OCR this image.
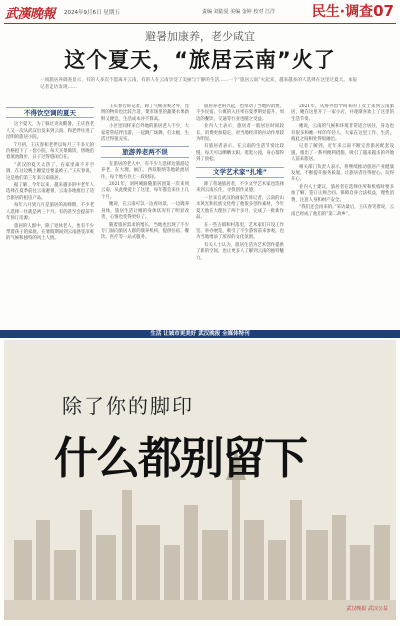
武漢晚報 2024年9月6日 星期五	责编 刘陆夏 美编 金婷 校对 江洋	民生·调查07
避暑加康养，老少咸宜
这个夏天，“旅居云南”火了
一项旅居养调查显示，有的人多次不愿离开云南，有的人在云南享受了美丽与宁静的生活……一个“旅居云南”火起来，越来越多的人选择在这里过夏天。本报记者走访发现……
不得饮空调的夏天

这个夏天，为了躲过炎炎酷暑，王庆春老人又一次从武汉出发来到云南，和老伴住进了昆明的旅居小院。

7月初，王庆春和老伴以每月三千多元的价格租下了一套小院，每天买菜做饭，傍晚沿着滇池散步，日子过得悠闲自在。

“武汉的夏天太热了，在家里离不开空调，在这边晚上睡觉还要盖被子。”王庆春说，这是他们第三年来云南旅居。

据了解，今年以来，越来越多的中老年人选择在夏季前往云南避暑，云南多地推出了适合旅居的租房产品。

每年六月到九月是旅居的高峰期，不少老人选择一住就是两三个月，有的甚至会提前半年预订房源。

旅居的人群中，除了退休老人，也有不少带着孩子的家庭，在暑假期间到云南感受凉爽的气候和独特的风土人情。

王庆春告诉记者，除了气候凉爽之外，昆明的物价也比较合适，菜市场里的蔬菜水果新鲜又便宜，生活成本并不算高。

小区里同样来自外地的旅居老人不少，大家常常结伴出游，一起跳广场舞、打太极，生活过得很充实。

旅游养老两不误

在旅居的老人中，有不少人选择边旅游边养老，在大理、丽江、西双版纳等地轮流居住，每个地方住上一段时间。

2021年，刘阿姨跟随旅居团第一次来到云南，从此便爱上了这里，每年都会来住上几个月。

她说，在云南可以一边看风景，一边调养身体，旅居生活让她的身体状况有了明显改善，心情也变得更好了。

随着旅居需求的增长，当地也出现了不少专门面向旅居人群的康养机构，提供住宿、餐饮、医疗等一站式服务。

旅居养老的兴起，也带动了当地的消费。不少民宿、公寓的入住率在夏季明显提升，周边的餐饮、交通等行业也随之受益。

业内人士表示，旅居者一般居住时间较长，消费更加稳定，对当地经济的拉动作用较为明显。

有旅居者表示，在云南的生活节奏比较慢，每天可以晒晒太阳、逛逛公园，身心都得到了放松。

文学艺术家“扎堆”

除了普通旅居者，不少文学艺术家也选择来到云南长住，寻找创作灵感。

一位来自武汉的画家告诉记者，云南的山水风光和民族文化给了他很多创作素材，今年夏天他在大理住了两个多月，完成了一批新作品。

在一些古镇和村落里，艺术家们开设工作室、举办展览，吸引了不少游客前来参观，也为当地增添了浓厚的文化氛围。

有关人士认为，旅居生活为艺术创作提供了新的空间，也让更多人了解到云南的独特魅力。

2021年，从海外留学回来的丁女士来到云南旅居，她在这里开了一家小店，并逐渐喜欢上了这里的生活节奏。

她说，云南的气候和环境非常适合居住，身边也有很多和她一样的年轻人，大家在这里工作、生活，彼此之间相处得很融洽。

记者了解到，近年来云南不断完善旅居配套设施，推出了一系列便利措施，吸引了越来越多的外地人前来旅居。

相关部门负责人表示，将继续推动旅居产业健康发展，不断提升服务质量，让旅居者住得舒心、玩得开心。

业内人士建议，旅居者在选择住所和机构时要多加了解，签订正规合同，保障自身合法权益，理性消费，注意人身和财产安全。

“我们还会再来的。”采访最后，王庆春笑着说，云南已经成了他们的“第二故乡”。

生活 让城市更美好 武汉晚报 全媒体特刊
除了你的脚印
什么都别留下
武汉晚报 武汉公益
